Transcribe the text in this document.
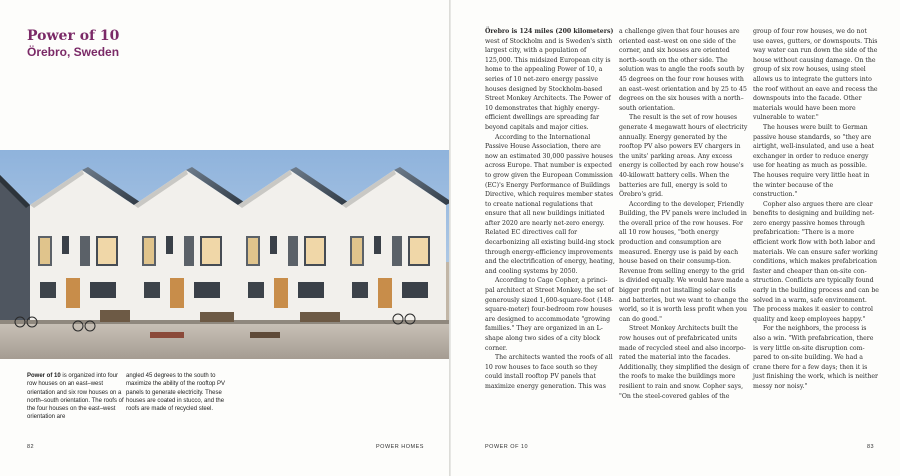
Power of 10
Örebro, Sweden

Power of 10 is organized into four row houses on an east–west orientation and six row houses on a north–south orientation. The roofs of the four houses on the east–west orientation are

angled 45 degrees to the south to maximize the ability of the rooftop PV panels to generate electricity. These houses are coated in stucco, and the roofs are made of recycled steel.

82	POWER HOMES

Örebro is 124 miles (200 kilometers) west of Stockholm and is Sweden's sixth largest city, with a population of 125,000. This midsized European city is home to the appealing Power of 10, a series of 10 net-zero energy passive houses designed by Stockholm-based Street Monkey Architects. The Power of 10 demonstrates that highly energy-efficient dwellings are spreading far beyond capitals and major cities.

According to the International Passive House Association, there are now an estimated 30,000 passive houses across Europe. That number is expected to grow given the European Commission (EC)'s Energy Performance of Buildings Directive, which requires member states to create national regulations that ensure that all new buildings initiated after 2020 are nearly net-zero energy. Related EC directives call for decarbonizing all existing build-ing stock through energy-efficiency improvements and the electrification of energy, heating, and cooling systems by 2050.

According to Cage Copher, a princi-pal architect at Street Monkey, the set of generously sized 1,600-square-foot (148-square-meter) four-bedroom row houses are designed to accommodate "growing families." They are organized in an L-shape along two sides of a city block corner.

The architects wanted the roofs of all 10 row houses to face south so they could install rooftop PV panels that maximize energy generation. This was

a challenge given that four houses are oriented east–west on one side of the corner, and six houses are oriented north–south on the other side. The solution was to angle the roofs south by 45 degrees on the four row houses with an east–west orientation and by 25 to 45 degrees on the six houses with a north–south orientation.

The result is the set of row houses generate 4 megawatt hours of electricity annually. Energy generated by the rooftop PV also powers EV chargers in the units' parking areas. Any excess energy is collected by each row house's 40-kilowatt battery cells. When the batteries are full, energy is sold to Örebro's grid.

According to the developer, Friendly Building, the PV panels were included in the overall price of the row houses. For all 10 row houses, "both energy production and consumption are measured. Energy use is paid by each house based on their consump-tion. Revenue from selling energy to the grid is divided equally. We would have made a bigger profit not installing solar cells and batteries, but we want to change the world, so it is worth less profit when you can do good."

Street Monkey Architects built the row houses out of prefabricated units made of recycled steel and also incorpo-rated the material into the facades. Additionally, they simplified the design of the roofs to make the buildings more resilient to rain and snow. Copher says, "On the steel-covered gables of the

group of four row houses, we do not use eaves, gutters, or downspouts. This way water can run down the side of the house without causing damage. On the group of six row houses, using steel allows us to integrate the gutters into the roof without an eave and recess the downspouts into the facade. Other materials would have been more vulnerable to water."

The houses were built to German passive house standards, so "they are airtight, well-insulated, and use a heat exchanger in order to reduce energy use for heating as much as possible. The houses require very little heat in the winter because of the construction."

Copher also argues there are clear benefits to designing and building net-zero energy passive homes through prefabrication: "There is a more efficient work flow with both labor and materials. We can ensure safer working conditions, which makes prefabrication faster and cheaper than on-site con-struction. Conflicts are typically found early in the building process and can be solved in a warm, safe environment. The process makes it easier to control quality and keep employees happy."

For the neighbors, the process is also a win. "With prefabrication, there is very little on-site disruption com-pared to on-site building. We had a crane there for a few days; then it is just finishing the work, which is neither messy nor noisy."

POWER OF 10	83
